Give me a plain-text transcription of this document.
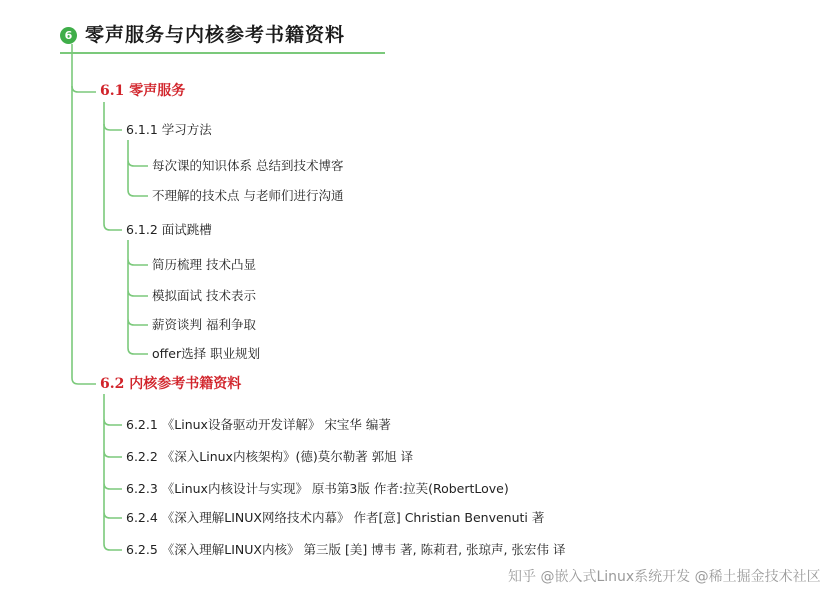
6 零声服务与内核参考书籍资料
6.1 零声服务
6.1.1 学习方法
每次课的知识体系 总结到技术博客
不理解的技术点 与老师们进行沟通
6.1.2 面试跳槽
简历梳理 技术凸显
模拟面试 技术表示
薪资谈判 福利争取
offer选择 职业规划
6.2 内核参考书籍资料
6.2.1 《Linux设备驱动开发详解》 宋宝华 编著
6.2.2 《深入Linux内核架构》(德)莫尔勒著 郭旭 译
6.2.3 《Linux内核设计与实现》 原书第3版 作者:拉芙(RobertLove)
6.2.4 《深入理解LINUX网络技术内幕》 作者[意] Christian Benvenuti 著
6.2.5 《深入理解LINUX内核》 第三版 [美] 博韦 著, 陈莉君, 张琼声, 张宏伟 译
知乎 @嵌入式Linux系统开发 @稀土掘金技术社区
